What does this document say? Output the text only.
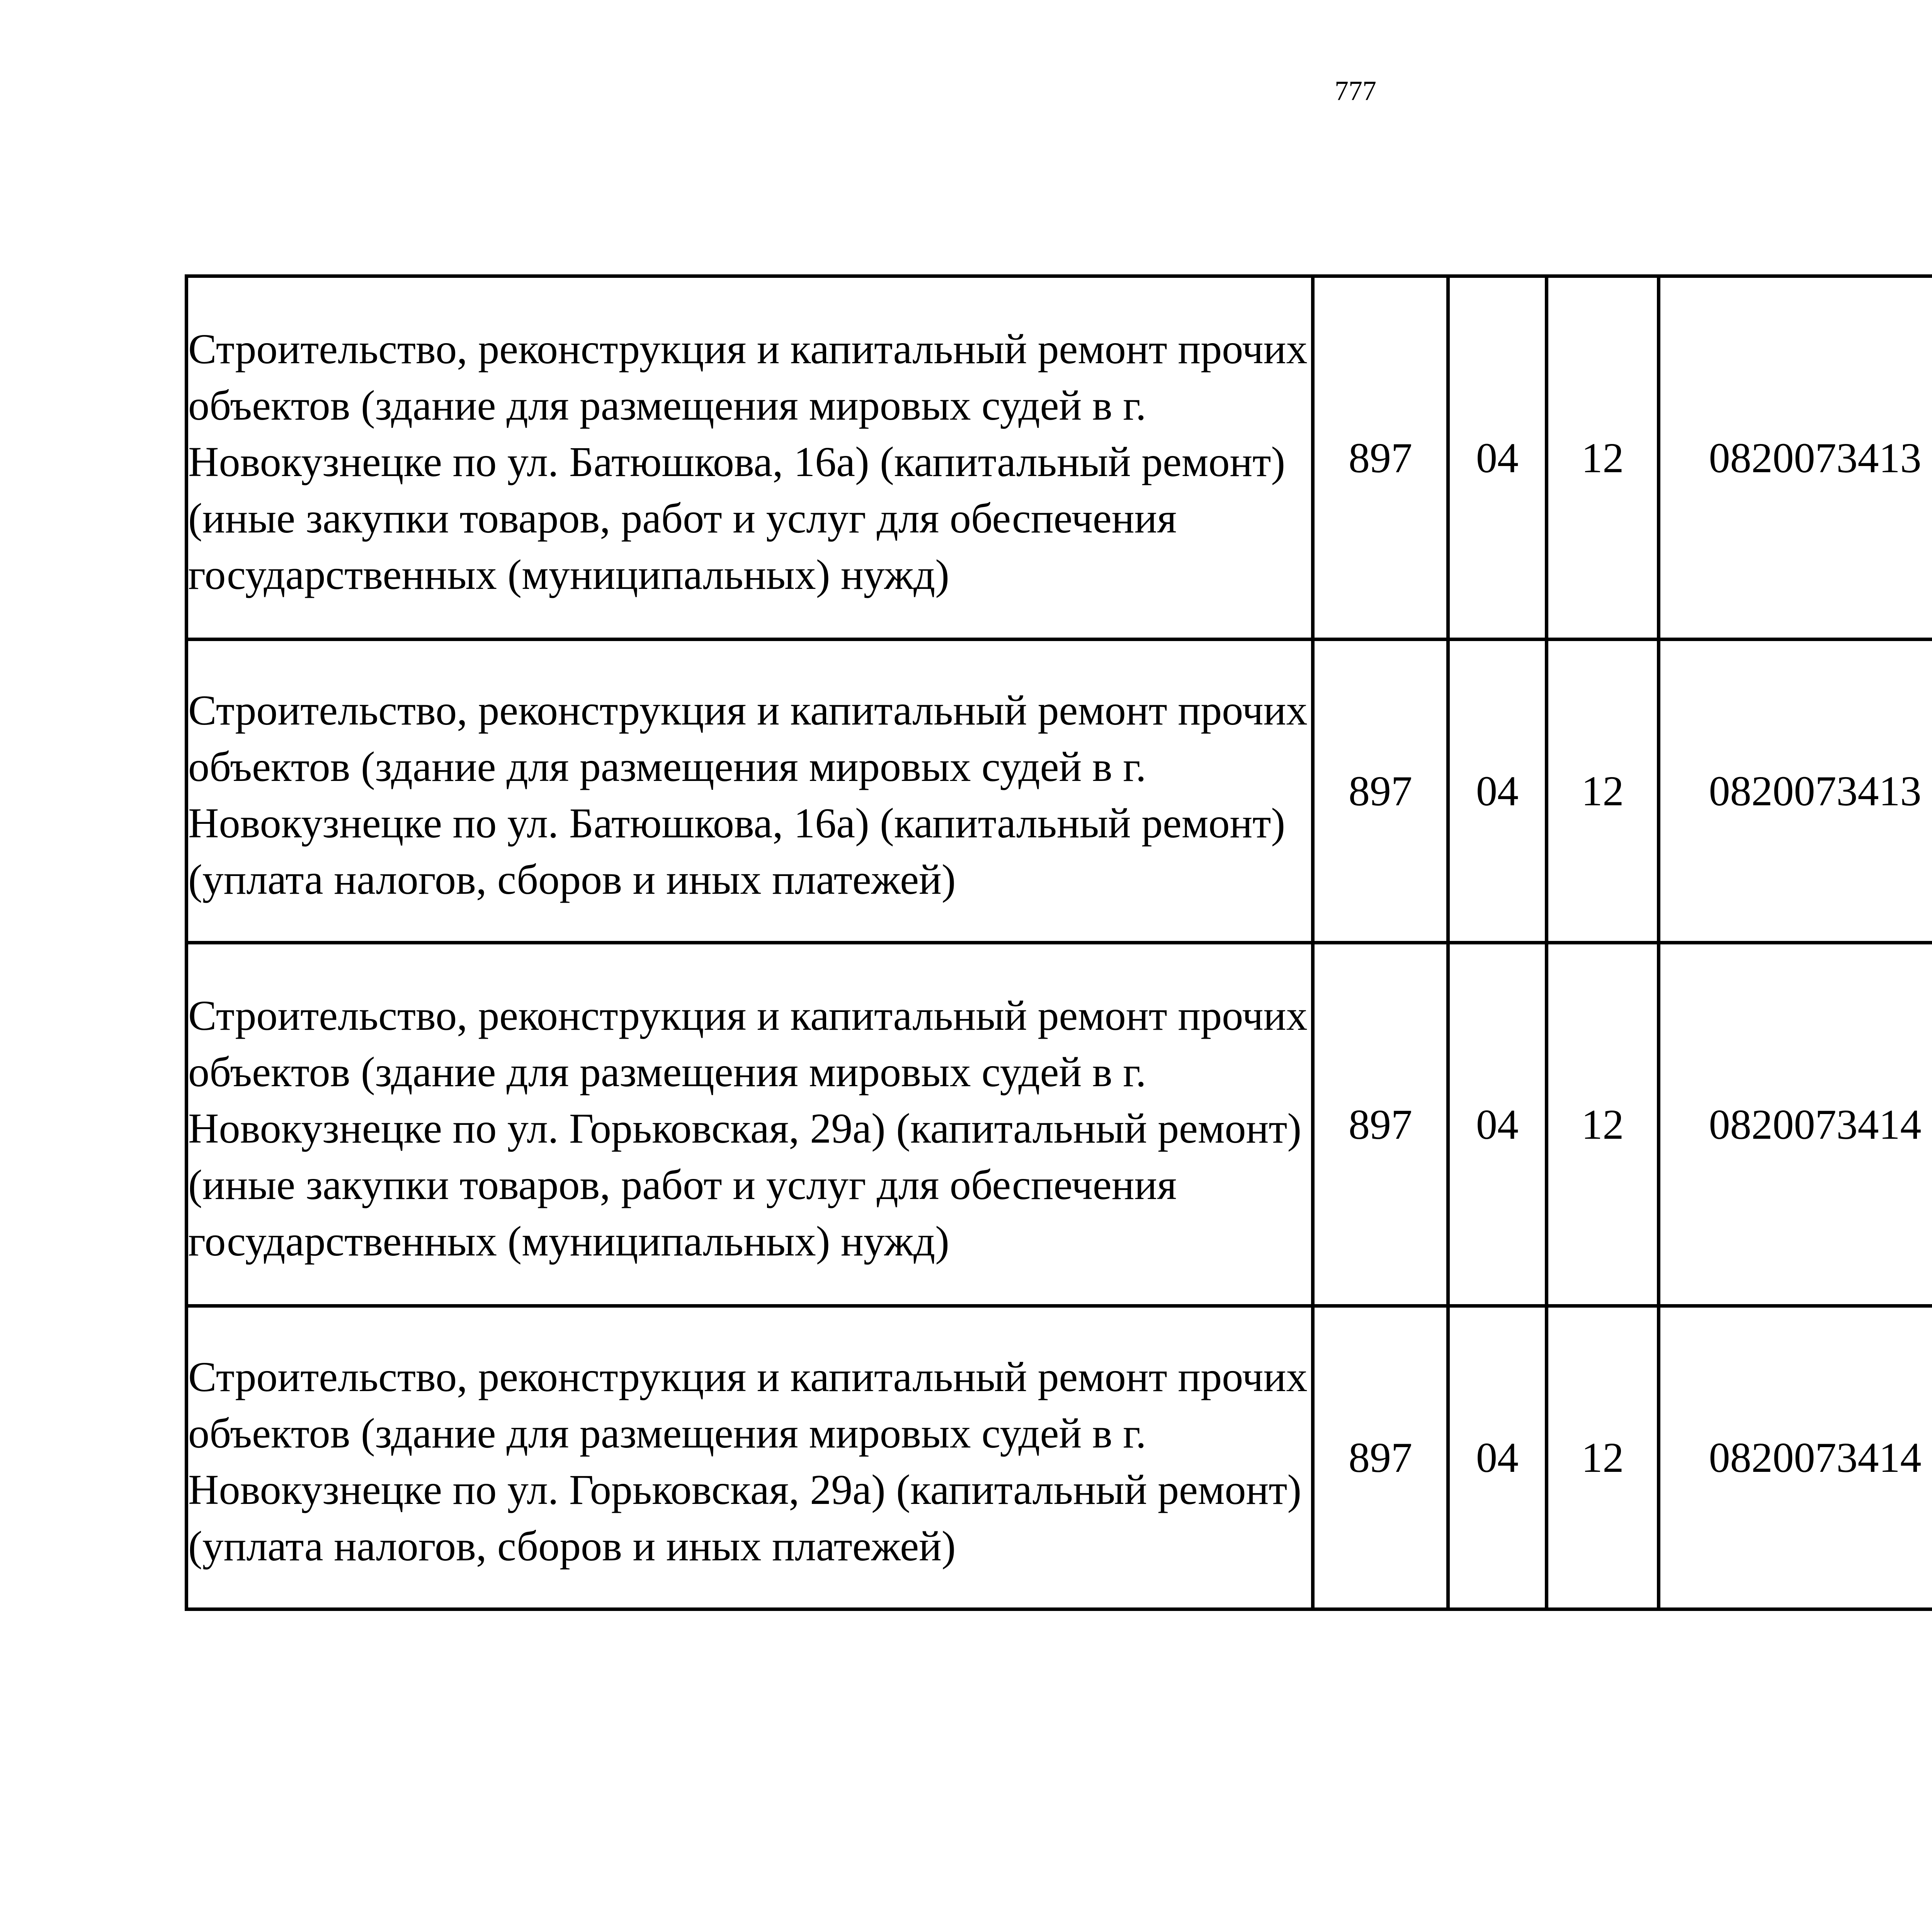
777
Строительство, реконструкция и капитальный ремонт прочих объектов (здание для размещения мировых судей в г. Новокузнецке по ул. Батюшкова, 16а) (капитальный ремонт) (иные закупки товаров, работ и услуг для обеспечения государственных (муниципальных) нужд)	897	04	12	0820073413		

Строительство, реконструкция и капитальный ремонт прочих объектов (здание для размещения мировых судей в г. Новокузнецке по ул. Батюшкова, 16а) (капитальный ремонт) (уплата налогов, сборов и иных платежей)	897	04	12	0820073413		

Строительство, реконструкция и капитальный ремонт прочих объектов (здание для размещения мировых судей в г. Новокузнецке по ул. Горьковская, 29а) (капитальный ремонт) (иные закупки товаров, работ и услуг для обеспечения государственных (муниципальных) нужд)	897	04	12	0820073414		

Строительство, реконструкция и капитальный ремонт прочих объектов (здание для размещения мировых судей в г. Новокузнецке по ул. Горьковская, 29а) (капитальный ремонт) (уплата налогов, сборов и иных платежей)	897	04	12	0820073414		
